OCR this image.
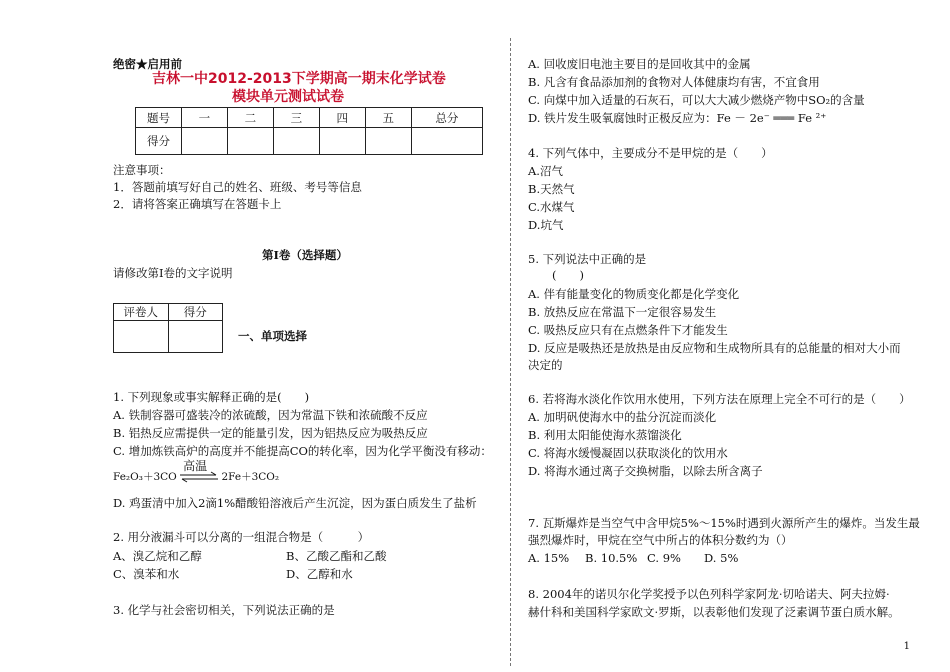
绝密★启用前
吉林一中2012-2013下学期高一期末化学试卷
模块单元测试试卷
题号	一	二	三	四	五	总分
得分						
注意事项：
1．答题前填写好自己的姓名、班级、考号等信息
2．请将答案正确填写在答题卡上
第I卷（选择题）
请修改第I卷的文字说明
评卷人	得分

一、单项选择
1. 下列现象或事实解释正确的是(　　)
A. 铁制容器可盛装冷的浓硫酸，因为常温下铁和浓硫酸不反应
B. 铝热反应需提供一定的能量引发，因为铝热反应为吸热反应
C. 增加炼铁高炉的高度并不能提高CO的转化率，因为化学平衡没有移动：
Fe₂O₃＋3CO
高温
2Fe＋3CO₂
D. 鸡蛋清中加入2滴1%醋酸铅溶液后产生沉淀，因为蛋白质发生了盐析
2. 用分液漏斗可以分离的一组混合物是（　　　）
A、溴乙烷和乙醇	B、乙酸乙酯和乙酸
C、溴苯和水	D、乙醇和水
3. 化学与社会密切相关，下列说法正确的是
A. 回收废旧电池主要目的是回收其中的金属
B. 凡含有食品添加剂的食物对人体健康均有害，不宜食用
C. 向煤中加入适量的石灰石，可以大大减少燃烧产物中SO₂的含量
D. 铁片发生吸氧腐蚀时正极反应为：Fe － 2e⁻ ═══ Fe ²⁺
4. 下列气体中，主要成分不是甲烷的是（　　）
A.沼气
B.天然气
C.水煤气
D.坑气
5. 下列说法中正确的是
(　　)
A. 伴有能量变化的物质变化都是化学变化
B. 放热反应在常温下一定很容易发生
C. 吸热反应只有在点燃条件下才能发生
D. 反应是吸热还是放热是由反应物和生成物所具有的总能量的相对大小而
决定的
6. 若将海水淡化作饮用水使用，下列方法在原理上完全不可行的是（　　）
A. 加明矾使海水中的盐分沉淀而淡化
B. 利用太阳能使海水蒸馏淡化
C. 将海水缓慢凝固以获取淡化的饮用水
D. 将海水通过离子交换树脂，以除去所含离子
7. 瓦斯爆炸是当空气中含甲烷5%～15%时遇到火源所产生的爆炸。当发生最
强烈爆炸时，甲烷在空气中所占的体积分数约为（）
A. 15% B. 10.5% C. 9% D. 5%
8. 2004年的诺贝尔化学奖授予以色列科学家阿龙·切哈诺夫、阿夫拉姆·
赫什科和美国科学家欧文·罗斯，以表彰他们发现了泛素调节蛋白质水解。
1
